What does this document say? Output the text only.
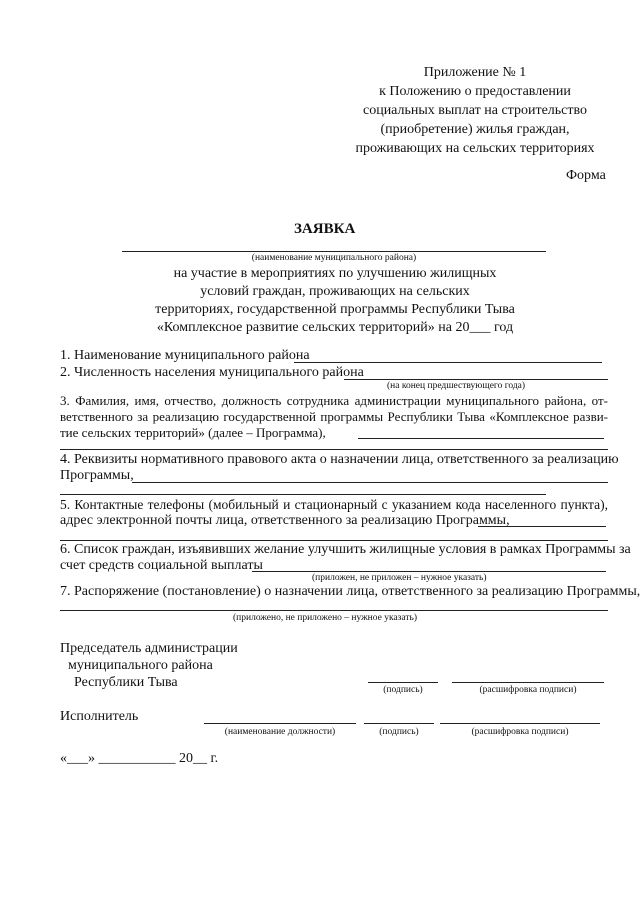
Приложение № 1
к Положению о предоставлении
социальных выплат на строительство
(приобретение) жилья граждан,
проживающих на сельских территориях
Форма
ЗАЯВКА
(наименование муниципального района)
на участие в мероприятиях по улучшению жилищных
условий граждан, проживающих на сельских
территориях, государственной программы Республики Тыва
«Комплексное развитие сельских территорий» на 20___ год
1. Наименование муниципального района
2. Численность населения муниципального района
(на конец предшествующего года)
3. Фамилия, имя, отчество, должность сотрудника администрации муниципального района, от-
ветственного за реализацию государственной программы Республики Тыва «Комплексное разви-
тие сельских территорий» (далее – Программа),
4. Реквизиты нормативного правового акта о назначении лица, ответственного за реализацию
Программы,
5. Контактные телефоны (мобильный и стационарный с указанием кода населенного пункта),
адрес электронной почты лица, ответственного за реализацию Программы,
6. Список граждан, изъявивших желание улучшить жилищные условия в рамках Программы за
счет средств социальной выплаты
(приложен, не приложен – нужное указать)
7. Распоряжение (постановление) о назначении лица, ответственного за реализацию Программы,
(приложено, не приложено – нужное указать)
Председатель администрации
муниципального района
Республики Тыва	(подпись)	(расшифровка подписи)
Исполнитель
(наименование должности)	(подпись)	(расшифровка подписи)
«___» ___________ 20__ г.
